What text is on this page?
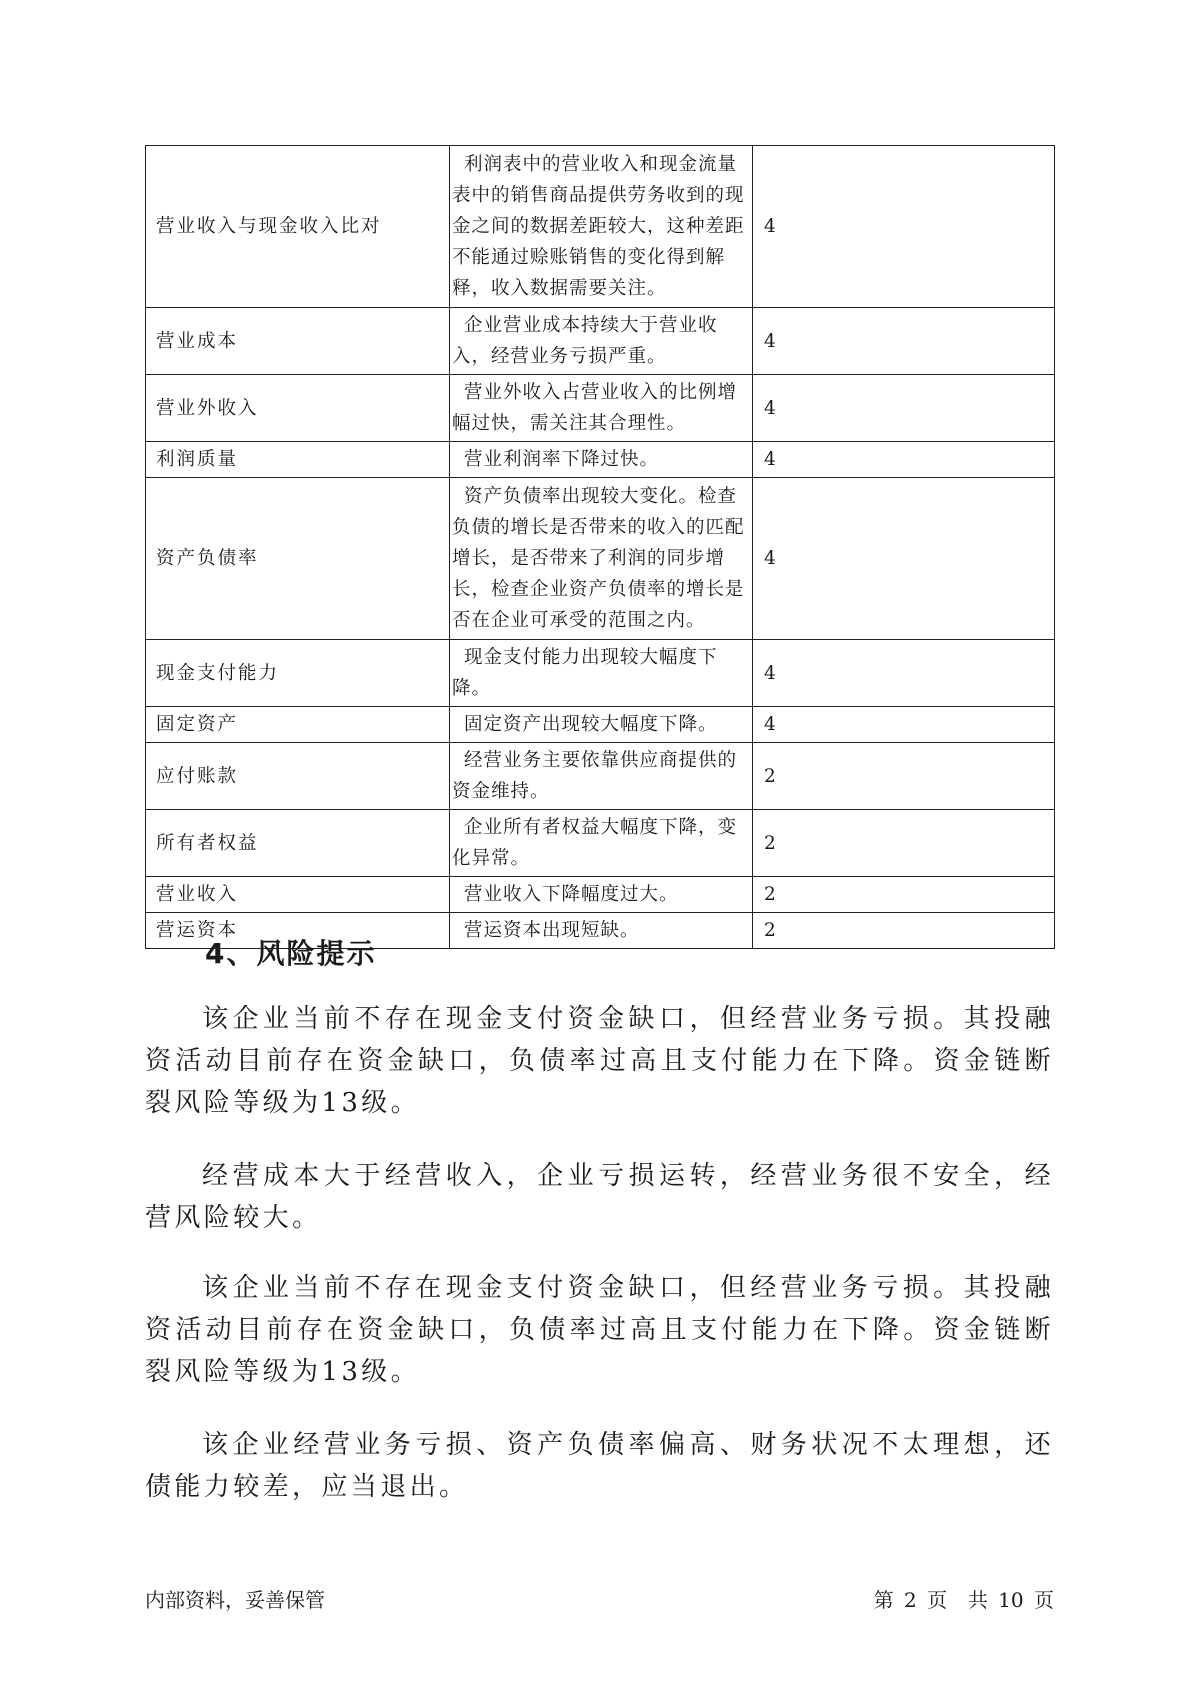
营业收入与现金收入比对	利润表中的营业收入和现金流量表中的销售商品提供劳务收到的现金之间的数据差距较大，这种差距不能通过赊账销售的变化得到解释，收入数据需要关注。	4
营业成本	企业营业成本持续大于营业收入，经营业务亏损严重。	4
营业外收入	营业外收入占营业收入的比例增幅过快，需关注其合理性。	4
利润质量	营业利润率下降过快。	4
资产负债率	资产负债率出现较大变化。检查负债的增长是否带来的收入的匹配增长，是否带来了利润的同步增长，检查企业资产负债率的增长是否在企业可承受的范围之内。	4
现金支付能力	现金支付能力出现较大幅度下降。	4
固定资产	固定资产出现较大幅度下降。	4
应付账款	经营业务主要依靠供应商提供的资金维持。	2
所有者权益	企业所有者权益大幅度下降，变化异常。	2
营业收入	营业收入下降幅度过大。	2
营运资本	营运资本出现短缺。	2
4、风险提示

该企业当前不存在现金支付资金缺口，但经营业务亏损。其投融资活动目前存在资金缺口，负债率过高且支付能力在下降。资金链断裂风险等级为13级。

经营成本大于经营收入，企业亏损运转，经营业务很不安全，经营风险较大。

该企业当前不存在现金支付资金缺口，但经营业务亏损。其投融资活动目前存在资金缺口，负债率过高且支付能力在下降。资金链断裂风险等级为13级。

该企业经营业务亏损、资产负债率偏高、财务状况不太理想，还债能力较差，应当退出。

内部资料，妥善保管	第 2 页  共 10 页
